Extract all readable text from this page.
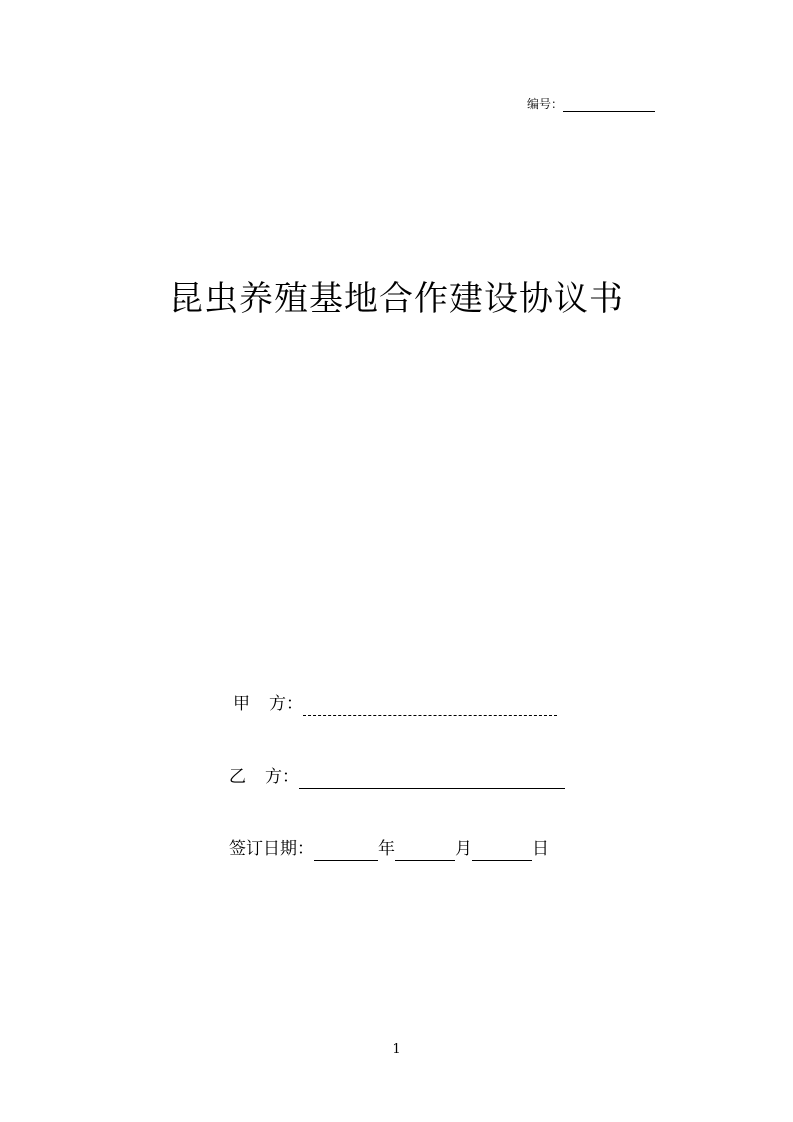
编号：
昆虫养殖基地合作建设协议书
甲 方：
乙 方：
签订日期：	年	月	日
1
